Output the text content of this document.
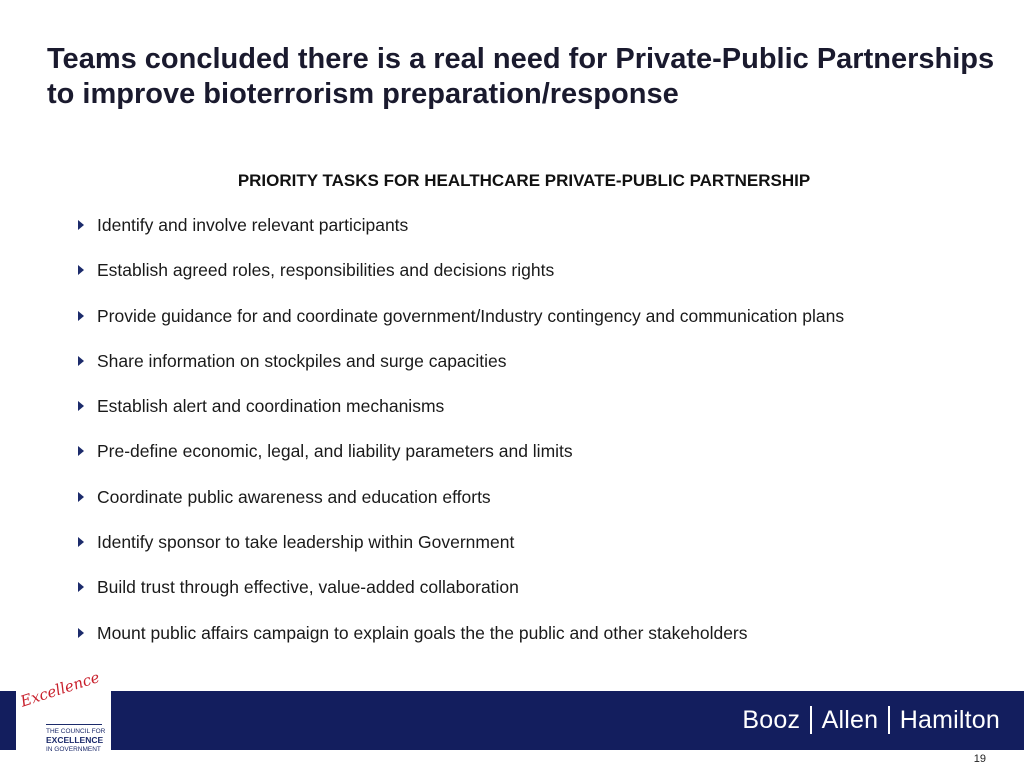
Teams concluded there is a real need for Private-Public Partnerships to improve bioterrorism preparation/response
PRIORITY TASKS FOR HEALTHCARE PRIVATE-PUBLIC PARTNERSHIP
Identify and involve relevant participants
Establish agreed roles, responsibilities and decisions rights
Provide guidance for and coordinate government/Industry contingency and communication plans
Share information on stockpiles and surge capacities
Establish alert and coordination mechanisms
Pre-define economic, legal, and liability parameters and limits
Coordinate public awareness and education efforts
Identify sponsor to take leadership within Government
Build trust through effective, value-added collaboration
Mount public affairs campaign to explain goals the the public and other stakeholders
Excellence
THE COUNCIL FOR
EXCELLENCE
IN GOVERNMENT
Booz Allen Hamilton
19
